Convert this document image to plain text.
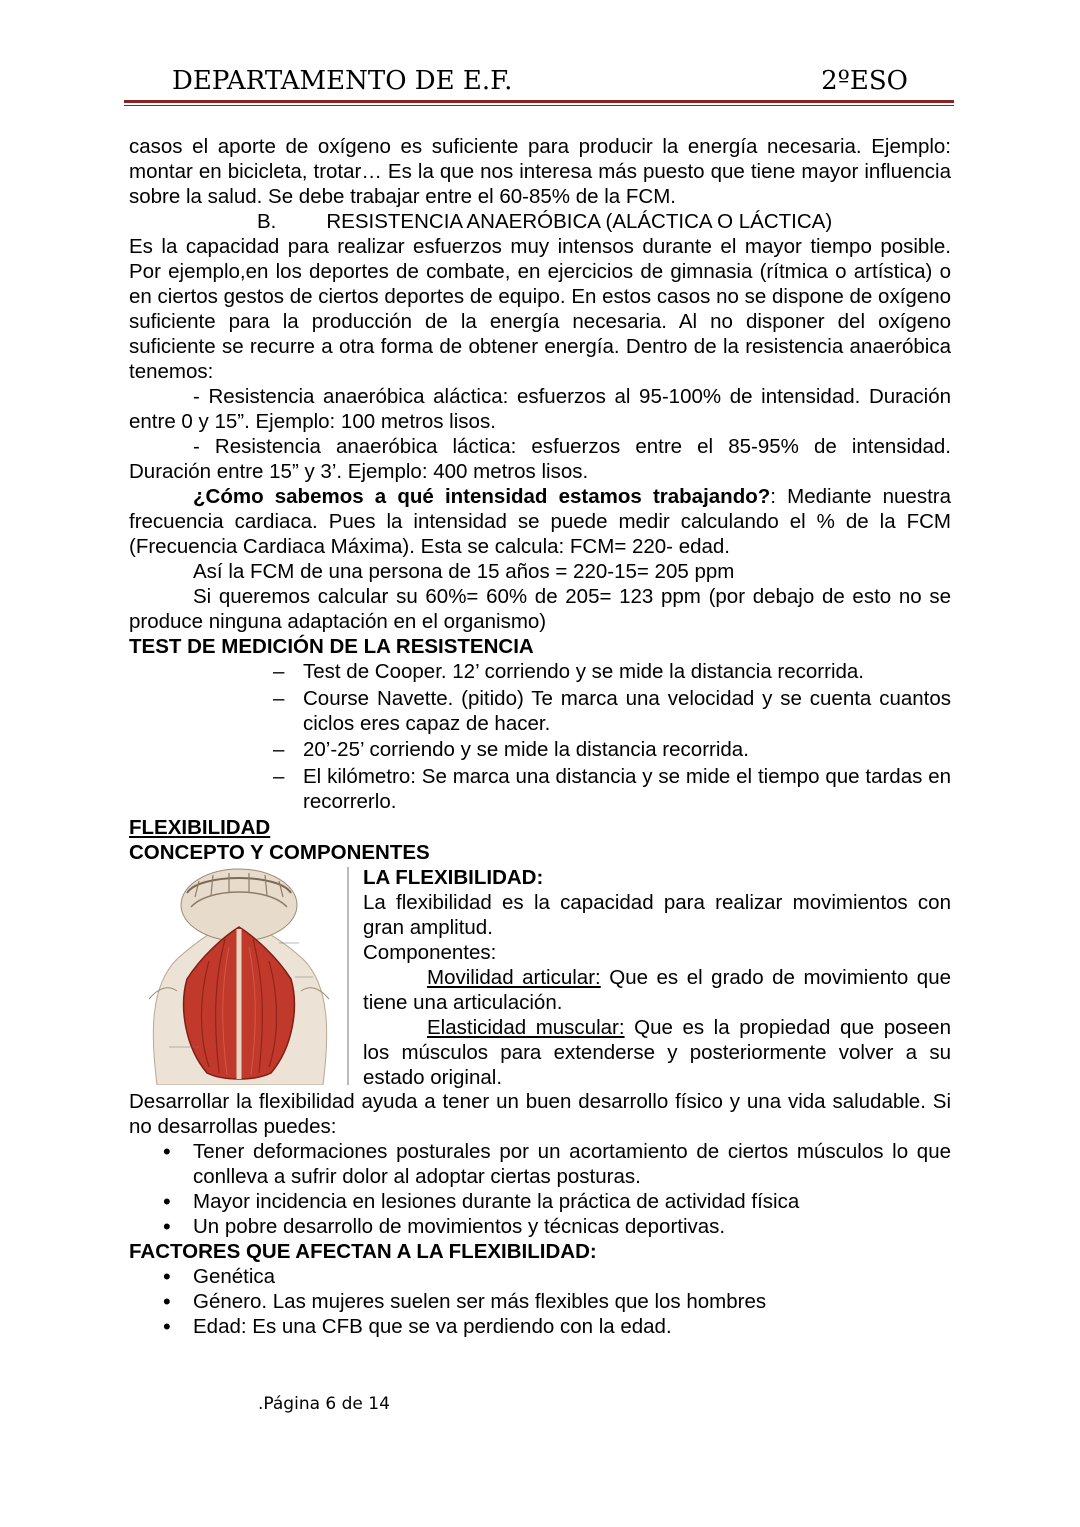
DEPARTAMENTO DE E.F.	2ºESO

casos el aporte de oxígeno es suficiente para producir la energía necesaria. Ejemplo: montar en bicicleta, trotar… Es la que nos interesa más puesto que tiene mayor influencia sobre la salud. Se debe trabajar entre el 60-85% de la FCM.

B. RESISTENCIA ANAERÓBICA (ALÁCTICA O LÁCTICA)

Es la capacidad para realizar esfuerzos muy intensos durante el mayor tiempo posible. Por ejemplo,en los deportes de combate, en ejercicios de gimnasia (rítmica o artística) o en ciertos gestos de ciertos deportes de equipo. En estos casos no se dispone de oxígeno suficiente para la producción de la energía necesaria. Al no disponer del oxígeno suficiente se recurre a otra forma de obtener energía. Dentro de la resistencia anaeróbica tenemos:

- Resistencia anaeróbica aláctica: esfuerzos al 95-100% de intensidad. Duración entre 0 y 15”. Ejemplo: 100 metros lisos.

- Resistencia anaeróbica láctica: esfuerzos entre el 85-95% de intensidad. Duración entre 15” y 3’. Ejemplo: 400 metros lisos.

¿Cómo sabemos a qué intensidad estamos trabajando?: Mediante nuestra frecuencia cardiaca. Pues la intensidad se puede medir calculando el % de la FCM (Frecuencia Cardiaca Máxima). Esta se calcula: FCM= 220- edad.

Así la FCM de una persona de 15 años = 220-15= 205 ppm

Si queremos calcular su 60%= 60% de 205= 123 ppm (por debajo de esto no se produce ninguna adaptación en el organismo)

TEST DE MEDICIÓN DE LA RESISTENCIA

– Test de Cooper. 12’ corriendo y se mide la distancia recorrida.
– Course Navette. (pitido) Te marca una velocidad y se cuenta cuantos ciclos eres capaz de hacer.
– 20’-25’ corriendo y se mide la distancia recorrida.
– El kilómetro: Se marca una distancia y se mide el tiempo que tardas en recorrerlo.

FLEXIBILIDAD

CONCEPTO Y COMPONENTES

LA FLEXIBILIDAD:

La flexibilidad es la capacidad para realizar movimientos con gran amplitud.

Componentes:

Movilidad articular: Que es el grado de movimiento que tiene una articulación.

Elasticidad muscular: Que es la propiedad que poseen los músculos para extenderse y posteriormente volver a su estado original.

Desarrollar la flexibilidad ayuda a tener un buen desarrollo físico y una vida saludable. Si no desarrollas puedes:

• Tener deformaciones posturales por un acortamiento de ciertos músculos lo que conlleva a sufrir dolor al adoptar ciertas posturas.
• Mayor incidencia en lesiones durante la práctica de actividad física
• Un pobre desarrollo de movimientos y técnicas deportivas.

FACTORES QUE AFECTAN A LA FLEXIBILIDAD:

• Genética
• Género. Las mujeres suelen ser más flexibles que los hombres
• Edad: Es una CFB que se va perdiendo con la edad.
.Página 6 de 14
